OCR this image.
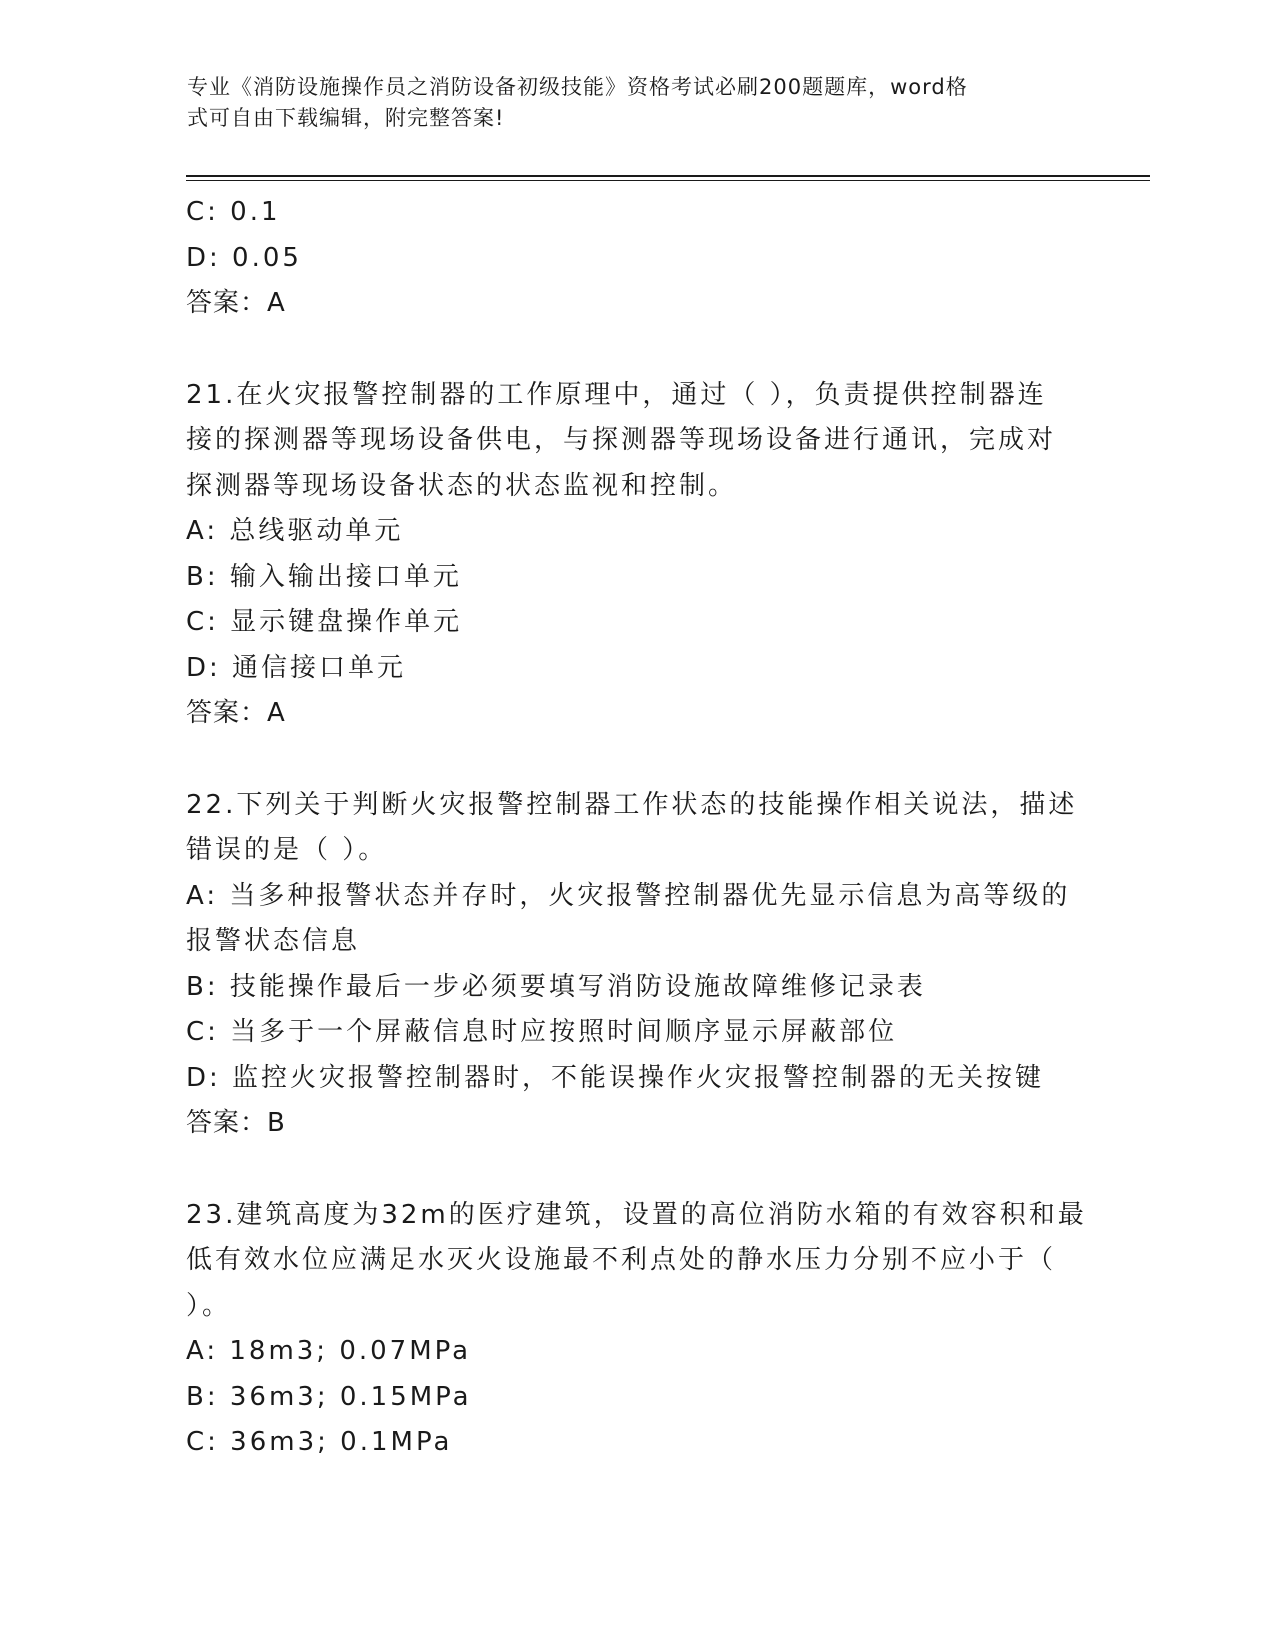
专业《消防设施操作员之消防设备初级技能》资格考试必刷200题题库，word格
式可自由下载编辑，附完整答案!
C: 0.1
D: 0.05
答案：A
21.在火灾报警控制器的工作原理中，通过（ ），负责提供控制器连
接的探测器等现场设备供电，与探测器等现场设备进行通讯，完成对
探测器等现场设备状态的状态监视和控制。
A: 总线驱动单元
B: 输入输出接口单元
C: 显示键盘操作单元
D: 通信接口单元
答案：A
22.下列关于判断火灾报警控制器工作状态的技能操作相关说法，描述
错误的是（ ）。
A: 当多种报警状态并存时，火灾报警控制器优先显示信息为高等级的
报警状态信息
B: 技能操作最后一步必须要填写消防设施故障维修记录表
C: 当多于一个屏蔽信息时应按照时间顺序显示屏蔽部位
D: 监控火灾报警控制器时，不能误操作火灾报警控制器的无关按键
答案：B
23.建筑高度为32m的医疗建筑，设置的高位消防水箱的有效容积和最
低有效水位应满足水灭火设施最不利点处的静水压力分别不应小于（
）。
A: 18m3; 0.07MPa
B: 36m3; 0.15MPa
C: 36m3; 0.1MPa
